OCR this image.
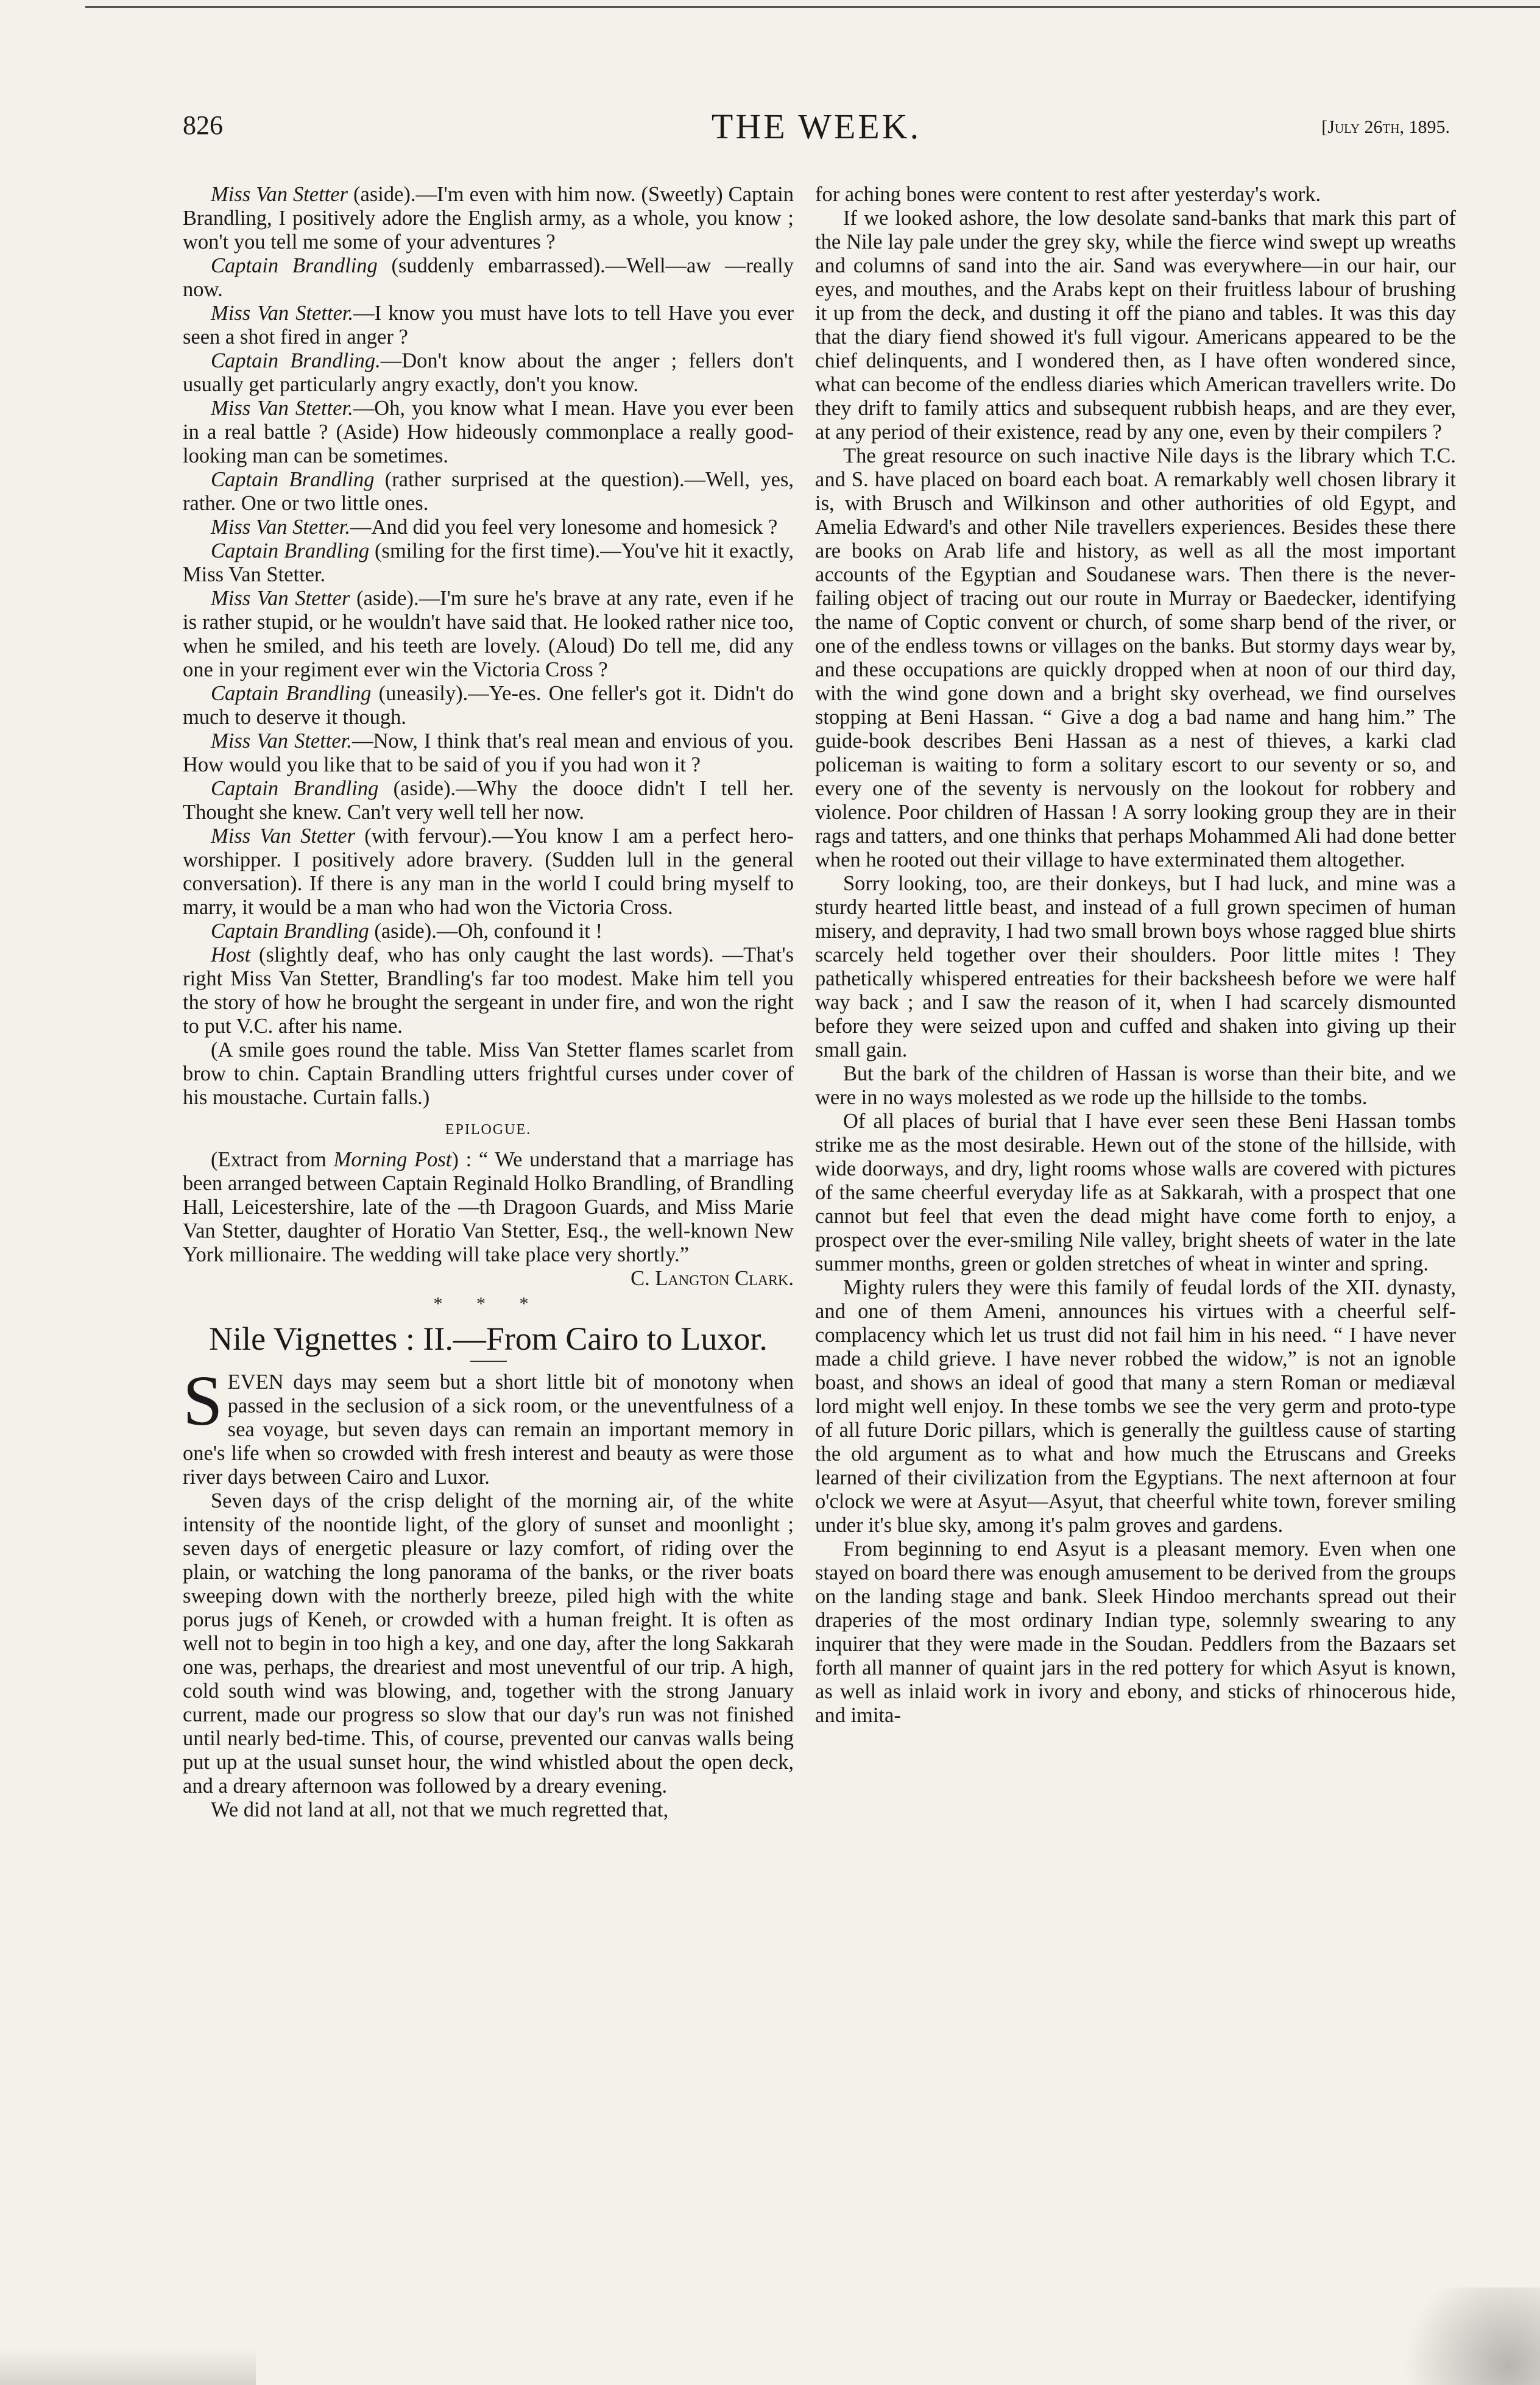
826	THE WEEK.	[July 26th, 1895.

Miss Van Stetter (aside).—I'm even with him now. (Sweetly) Captain Brandling, I positively adore the English army, as a whole, you know ; won't you tell me some of your adventures ?

Captain Brandling (suddenly embarrassed).—Well—aw —really now.

Miss Van Stetter.—I know you must have lots to tell Have you ever seen a shot fired in anger ?

Captain Brandling.—Don't know about the anger ; fellers don't usually get particularly angry exactly, don't you know.

Miss Van Stetter.—Oh, you know what I mean. Have you ever been in a real battle ? (Aside) How hideously commonplace a really good-looking man can be sometimes.

Captain Brandling (rather surprised at the question).—Well, yes, rather. One or two little ones.

Miss Van Stetter.—And did you feel very lonesome and homesick ?

Captain Brandling (smiling for the first time).—You've hit it exactly, Miss Van Stetter.

Miss Van Stetter (aside).—I'm sure he's brave at any rate, even if he is rather stupid, or he wouldn't have said that. He looked rather nice too, when he smiled, and his teeth are lovely. (Aloud) Do tell me, did any one in your regiment ever win the Victoria Cross ?

Captain Brandling (uneasily).—Ye-es. One feller's got it. Didn't do much to deserve it though.

Miss Van Stetter.—Now, I think that's real mean and envious of you. How would you like that to be said of you if you had won it ?

Captain Brandling (aside).—Why the dooce didn't I tell her. Thought she knew. Can't very well tell her now.

Miss Van Stetter (with fervour).—You know I am a perfect hero-worshipper. I positively adore bravery. (Sudden lull in the general conversation). If there is any man in the world I could bring myself to marry, it would be a man who had won the Victoria Cross.

Captain Brandling (aside).—Oh, confound it !

Host (slightly deaf, who has only caught the last words). —That's right Miss Van Stetter, Brandling's far too modest. Make him tell you the story of how he brought the sergeant in under fire, and won the right to put V.C. after his name.

(A smile goes round the table. Miss Van Stetter flames scarlet from brow to chin. Captain Brandling utters frightful curses under cover of his moustache. Curtain falls.)

EPILOGUE.

(Extract from Morning Post) : “ We understand that a marriage has been arranged between Captain Reginald Holko Brandling, of Brandling Hall, Leicestershire, late of the —th Dragoon Guards, and Miss Marie Van Stetter, daughter of Horatio Van Stetter, Esq., the well-known New York millionaire. The wedding will take place very shortly.”

C. Langton Clark.
* * *
Nile Vignettes : II.—From Cairo to Luxor.

SEVEN days may seem but a short little bit of monotony when passed in the seclusion of a sick room, or the uneventfulness of a sea voyage, but seven days can remain an important memory in one's life when so crowded with fresh interest and beauty as were those river days between Cairo and Luxor.

Seven days of the crisp delight of the morning air, of the white intensity of the noontide light, of the glory of sunset and moonlight ; seven days of energetic pleasure or lazy comfort, of riding over the plain, or watching the long panorama of the banks, or the river boats sweeping down with the northerly breeze, piled high with the white porus jugs of Keneh, or crowded with a human freight. It is often as well not to begin in too high a key, and one day, after the long Sakkarah one was, perhaps, the dreariest and most uneventful of our trip. A high, cold south wind was blowing, and, together with the strong January current, made our progress so slow that our day's run was not finished until nearly bed-time. This, of course, prevented our canvas walls being put up at the usual sunset hour, the wind whistled about the open deck, and a dreary afternoon was followed by a dreary evening.

We did not land at all, not that we much regretted that,

for aching bones were content to rest after yesterday's work.

If we looked ashore, the low desolate sand-banks that mark this part of the Nile lay pale under the grey sky, while the fierce wind swept up wreaths and columns of sand into the air. Sand was everywhere—in our hair, our eyes, and mouthes, and the Arabs kept on their fruitless labour of brushing it up from the deck, and dusting it off the piano and tables. It was this day that the diary fiend showed it's full vigour. Americans appeared to be the chief delinquents, and I wondered then, as I have often wondered since, what can become of the endless diaries which American travellers write. Do they drift to family attics and subsequent rubbish heaps, and are they ever, at any period of their existence, read by any one, even by their compilers ?

The great resource on such inactive Nile days is the library which T.C. and S. have placed on board each boat. A remarkably well chosen library it is, with Brusch and Wilkinson and other authorities of old Egypt, and Amelia Edward's and other Nile travellers experiences. Besides these there are books on Arab life and history, as well as all the most important accounts of the Egyptian and Soudanese wars. Then there is the never-failing object of tracing out our route in Murray or Baedecker, identifying the name of Coptic convent or church, of some sharp bend of the river, or one of the endless towns or villages on the banks. But stormy days wear by, and these occupations are quickly dropped when at noon of our third day, with the wind gone down and a bright sky overhead, we find ourselves stopping at Beni Hassan. “ Give a dog a bad name and hang him.” The guide-book describes Beni Hassan as a nest of thieves, a karki clad policeman is waiting to form a solitary escort to our seventy or so, and every one of the seventy is nervously on the lookout for robbery and violence. Poor children of Hassan ! A sorry looking group they are in their rags and tatters, and one thinks that perhaps Mohammed Ali had done better when he rooted out their village to have exterminated them altogether.

Sorry looking, too, are their donkeys, but I had luck, and mine was a sturdy hearted little beast, and instead of a full grown specimen of human misery, and depravity, I had two small brown boys whose ragged blue shirts scarcely held together over their shoulders. Poor little mites ! They pathetically whispered entreaties for their backsheesh before we were half way back ; and I saw the reason of it, when I had scarcely dismounted before they were seized upon and cuffed and shaken into giving up their small gain.

But the bark of the children of Hassan is worse than their bite, and we were in no ways molested as we rode up the hillside to the tombs.

Of all places of burial that I have ever seen these Beni Hassan tombs strike me as the most desirable. Hewn out of the stone of the hillside, with wide doorways, and dry, light rooms whose walls are covered with pictures of the same cheerful everyday life as at Sakkarah, with a prospect that one cannot but feel that even the dead might have come forth to enjoy, a prospect over the ever-smiling Nile valley, bright sheets of water in the late summer months, green or golden stretches of wheat in winter and spring.

Mighty rulers they were this family of feudal lords of the XII. dynasty, and one of them Ameni, announces his virtues with a cheerful self-complacency which let us trust did not fail him in his need. “ I have never made a child grieve. I have never robbed the widow,” is not an ignoble boast, and shows an ideal of good that many a stern Roman or mediæval lord might well enjoy. In these tombs we see the very germ and proto-type of all future Doric pillars, which is generally the guiltless cause of starting the old argument as to what and how much the Etruscans and Greeks learned of their civilization from the Egyptians. The next afternoon at four o'clock we were at Asyut—Asyut, that cheerful white town, forever smiling under it's blue sky, among it's palm groves and gardens.

From beginning to end Asyut is a pleasant memory. Even when one stayed on board there was enough amusement to be derived from the groups on the landing stage and bank. Sleek Hindoo merchants spread out their draperies of the most ordinary Indian type, solemnly swearing to any inquirer that they were made in the Soudan. Peddlers from the Bazaars set forth all manner of quaint jars in the red pottery for which Asyut is known, as well as inlaid work in ivory and ebony, and sticks of rhinocerous hide, and imita-
